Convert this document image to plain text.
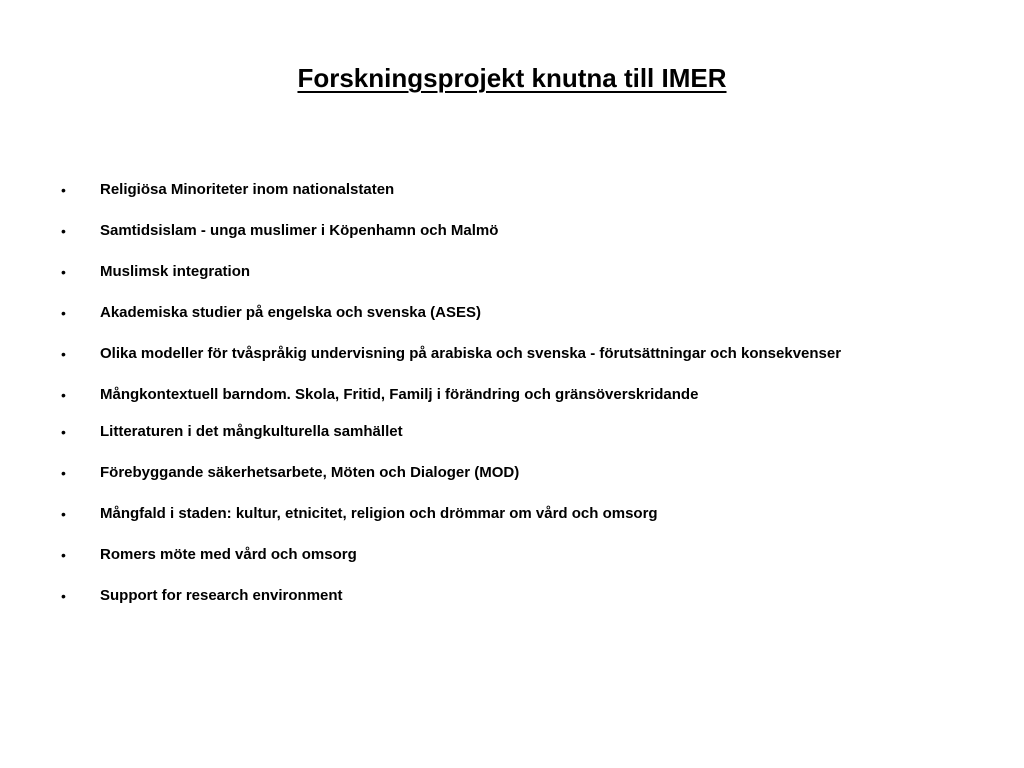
Forskningsprojekt knutna till IMER
• Religiösa Minoriteter inom nationalstaten
• Samtidsislam - unga muslimer i Köpenhamn och Malmö
• Muslimsk integration
• Akademiska studier på engelska och svenska (ASES)
• Olika modeller för tvåspråkig undervisning på arabiska och svenska - förutsättningar och konsekvenser
• Mångkontextuell barndom. Skola, Fritid, Familj i förändring och gränsöverskridande
• Litteraturen i det mångkulturella samhället
• Förebyggande säkerhetsarbete, Möten och Dialoger (MOD)
• Mångfald i staden: kultur, etnicitet, religion och drömmar om vård och omsorg
• Romers möte med vård och omsorg
• Support for research environment
